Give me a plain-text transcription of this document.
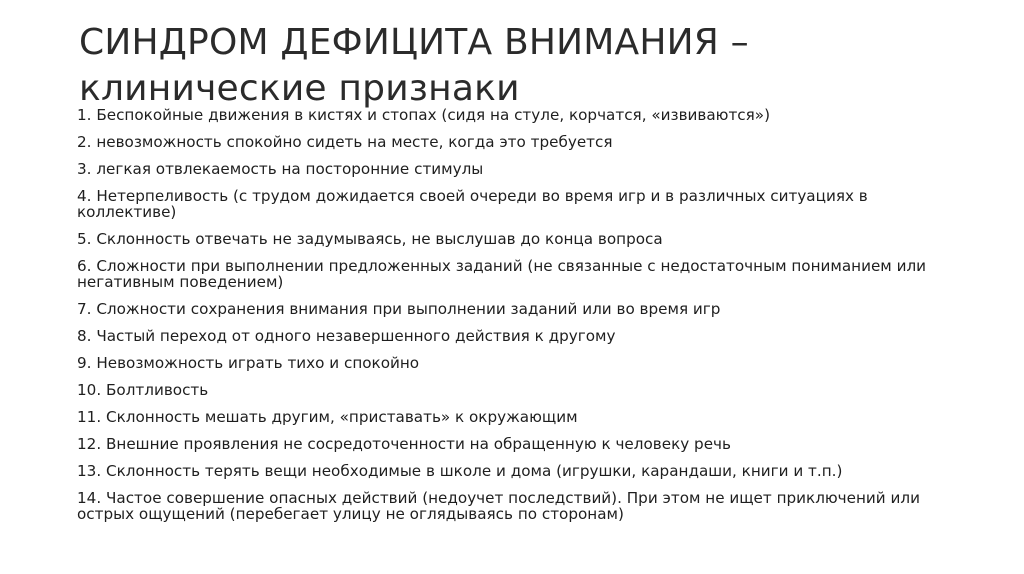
СИНДРОМ ДЕФИЦИТА ВНИМАНИЯ –
клинические признаки
1. Беспокойные движения в кистях и стопах (сидя на стуле, корчатся, «извиваются»)
2. невозможность спокойно сидеть на месте, когда это требуется
3. легкая отвлекаемость на посторонние стимулы
4. Нетерпеливость (с трудом дожидается своей очереди во время игр и в различных ситуациях в коллективе)
5. Склонность отвечать не задумываясь, не выслушав до конца вопроса
6. Сложности при выполнении предложенных заданий (не связанные с недостаточным пониманием или негативным поведением)
7. Сложности сохранения внимания при выполнении заданий или во время игр
8. Частый переход от одного незавершенного действия к другому
9. Невозможность играть тихо и спокойно
10. Болтливость
11. Склонность мешать другим, «приставать» к окружающим
12. Внешние проявления не сосредоточенности на обращенную к человеку речь
13. Склонность терять вещи необходимые в школе и дома (игрушки, карандаши, книги и т.п.)
14. Частое совершение опасных действий (недоучет последствий). При этом не ищет приключений или острых ощущений (перебегает улицу не оглядываясь по сторонам)
